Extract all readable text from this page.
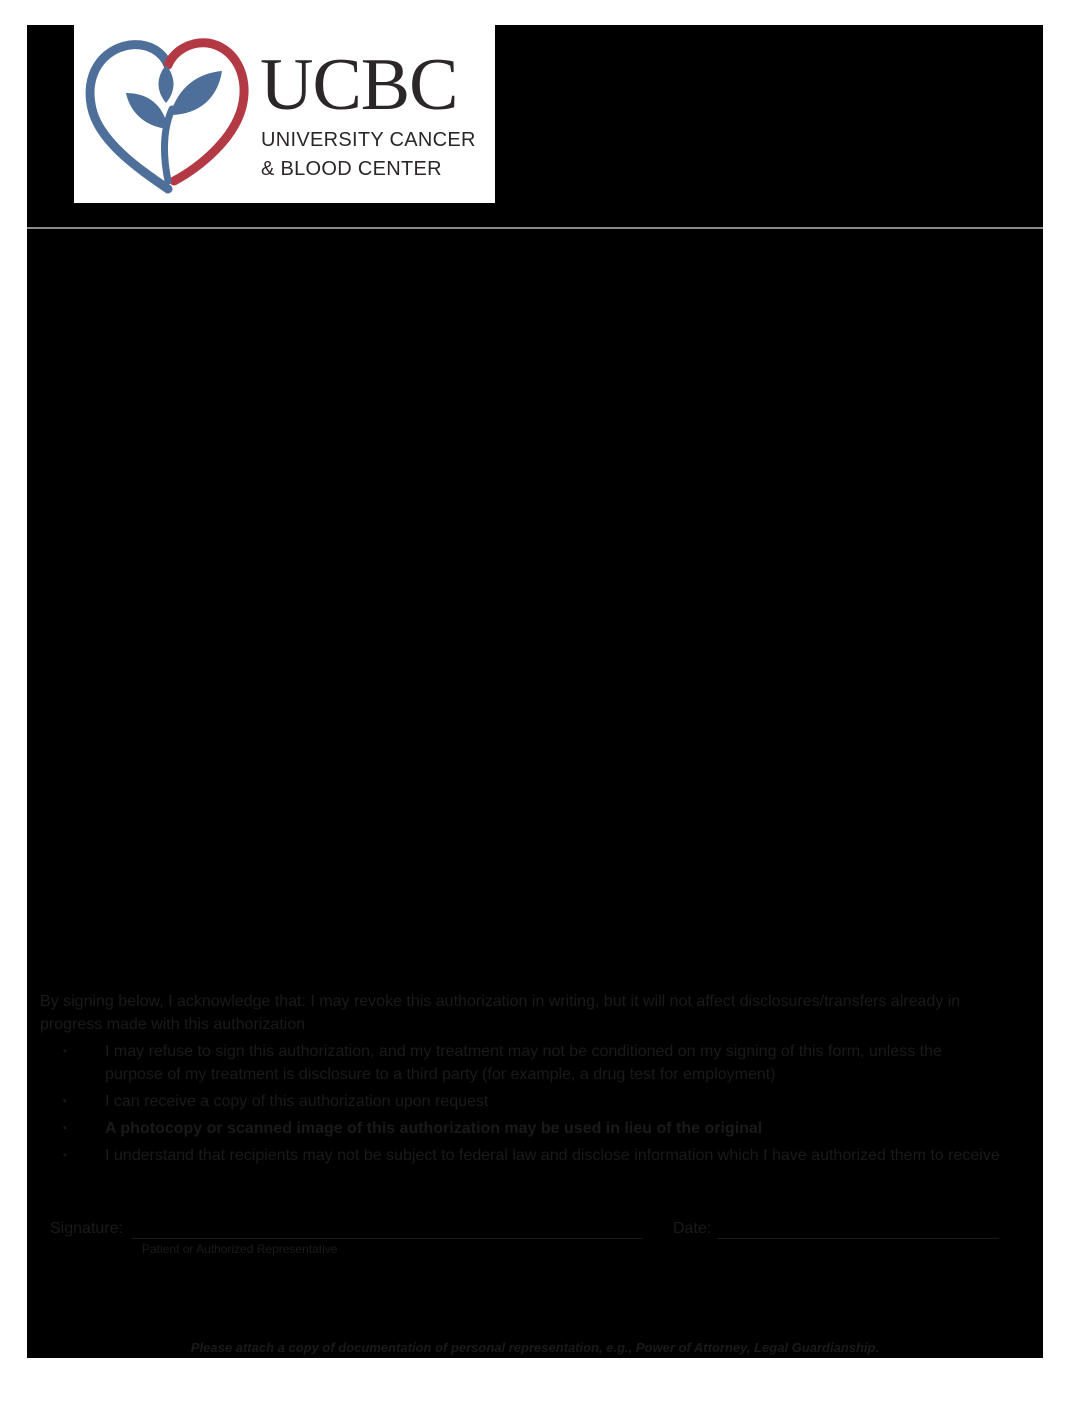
UCBC
UNIVERSITY CANCER
& BLOOD CENTER
By signing below, I acknowledge that: I may revoke this authorization in writing, but it will not affect disclosures/transfers already in progress made with this authorization
▪ I may refuse to sign this authorization, and my treatment may not be conditioned on my signing of this form, unless the purpose of my treatment is disclosure to a third party (for example, a drug test for employment)
▪ I can receive a copy of this authorization upon request
▪ A photocopy or scanned image of this authorization may be used in lieu of the original
▪ I understand that recipients may not be subject to federal law and disclose information which I have authorized them to receive
Signature:
Patient or Authorized Representative
Date:
Please attach a copy of documentation of personal representation, e.g., Power of Attorney, Legal Guardianship.
